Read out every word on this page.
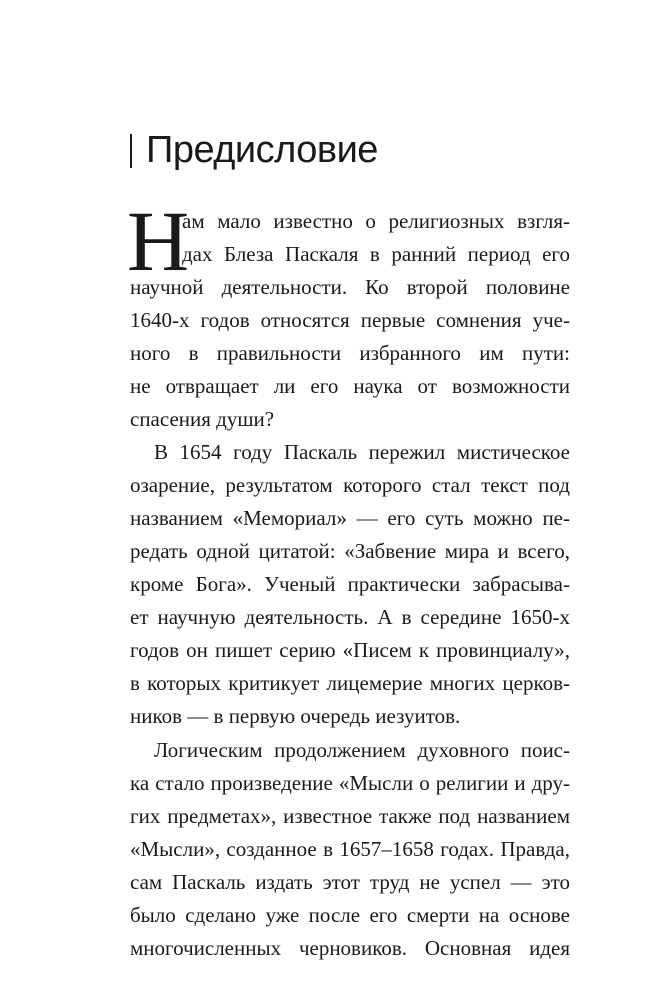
Предисловие
Н
ам мало известно о религиозных взгля-
дах Блеза Паскаля в ранний период его
научной деятельности. Ко второй половине
1640-х годов относятся первые сомнения уче-
ного в правильности избранного им пути:
не отвращает ли его наука от возможности
спасения души?
В 1654 году Паскаль пережил мистическое
озарение, результатом которого стал текст под
названием «Мемориал» — его суть можно пе-
редать одной цитатой: «Забвение мира и всего,
кроме Бога». Ученый практически забрасыва-
ет научную деятельность. А в середине 1650-х
годов он пишет серию «Писем к провинциалу»,
в которых критикует лицемерие многих церков-
ников — в первую очередь иезуитов.
Логическим продолжением духовного поис-
ка стало произведение «Мысли о религии и дру-
гих предметах», известное также под названием
«Мысли», созданное в 1657–1658 годах. Правда,
сам Паскаль издать этот труд не успел — это
было сделано уже после его смерти на основе
многочисленных черновиков. Основная идея
